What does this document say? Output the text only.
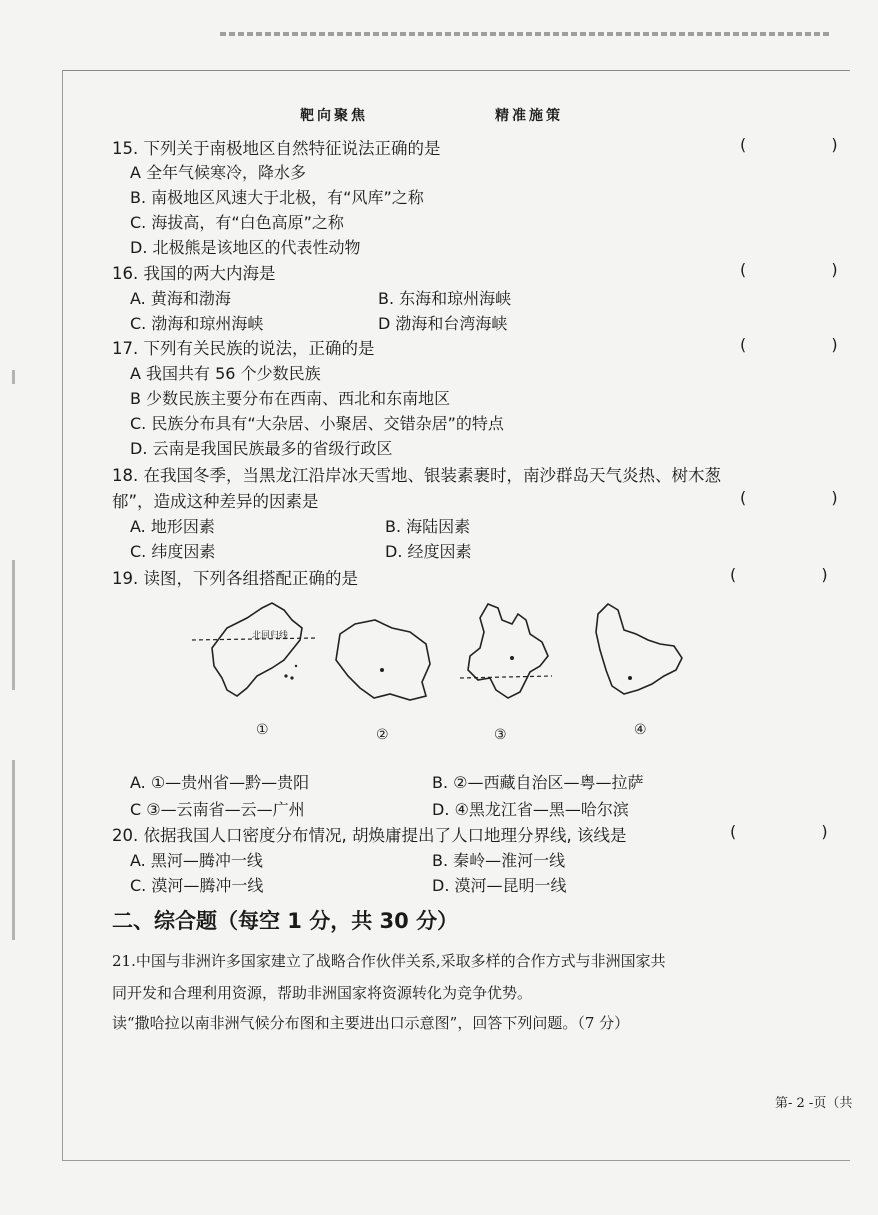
靶向聚焦	精准施策
15. 下列关于南极地区自然特征说法正确的是	( )
A 全年气候寒冷，降水多
B. 南极地区风速大于北极，有“风库”之称
C. 海拔高，有“白色高原”之称
D. 北极熊是该地区的代表性动物
16. 我国的两大内海是	( )
A. 黄海和渤海	B. 东海和琼州海峡
C. 渤海和琼州海峡	D 渤海和台湾海峡
17. 下列有关民族的说法，正确的是	( )
A 我国共有 56 个少数民族
B 少数民族主要分布在西南、西北和东南地区
C. 民族分布具有“大杂居、小聚居、交错杂居”的特点
D. 云南是我国民族最多的省级行政区
18. 在我国冬季，当黑龙江沿岸冰天雪地、银装素裹时，南沙群岛天气炎热、树木葱
郁”，造成这种差异的因素是	( )
A. 地形因素	B. 海陆因素
C. 纬度因素	D. 经度因素
19. 读图，下列各组搭配正确的是	( )
北回归线
①	②	③	④
A. ①—贵州省—黔—贵阳	B. ②—西藏自治区—粤—拉萨
C ③—云南省—云—广州	D. ④黑龙江省—黑—哈尔滨
20. 依据我国人口密度分布情况, 胡焕庸提出了人口地理分界线, 该线是	( )
A. 黑河—腾冲一线	B. 秦岭—淮河一线
C. 漠河—腾冲一线	D. 漠河—昆明一线
二、综合题（每空 1 分，共 30 分）
21.中国与非洲许多国家建立了战略合作伙伴关系,采取多样的合作方式与非洲国家共
同开发和合理利用资源，帮助非洲国家将资源转化为竞争优势。
读“撒哈拉以南非洲气候分布图和主要进出口示意图”，回答下列问题。（7 分）
第- 2 -页（共
